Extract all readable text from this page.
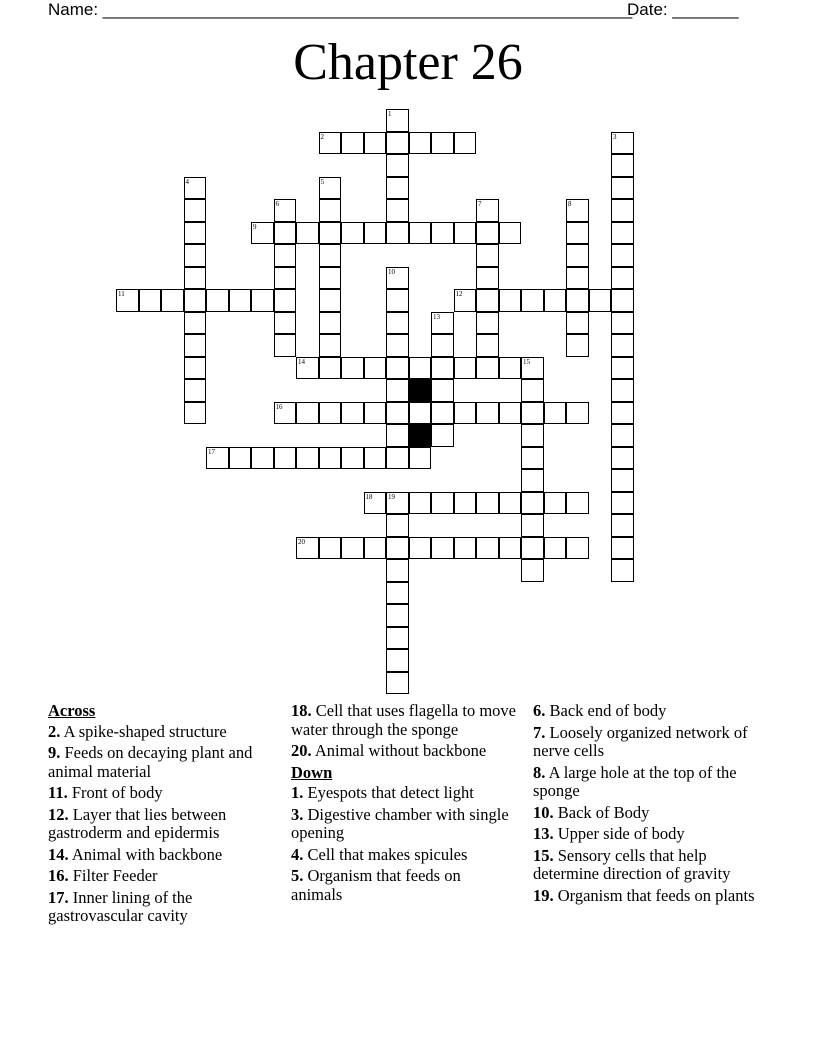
Name: ________________________________________________________
Date: _______
Chapter 26
2
9
11	12
14
16
17
18 19
20
1
3
4	5
6	7	8
10
13
15
Across
2. A spike-shaped structure
9. Feeds on decaying plant and animal material
11. Front of body
12. Layer that lies between gastroderm and epidermis
14. Animal with backbone
16. Filter Feeder
17. Inner lining of the gastrovascular cavity
18. Cell that uses flagella to move water through the sponge
20. Animal without backbone
Down
1. Eyespots that detect light
3. Digestive chamber with single opening
4. Cell that makes spicules
5. Organism that feeds on animals
6. Back end of body
7. Loosely organized network of nerve cells
8. A large hole at the top of the sponge
10. Back of Body
13. Upper side of body
15. Sensory cells that help determine direction of gravity
19. Organism that feeds on plants
